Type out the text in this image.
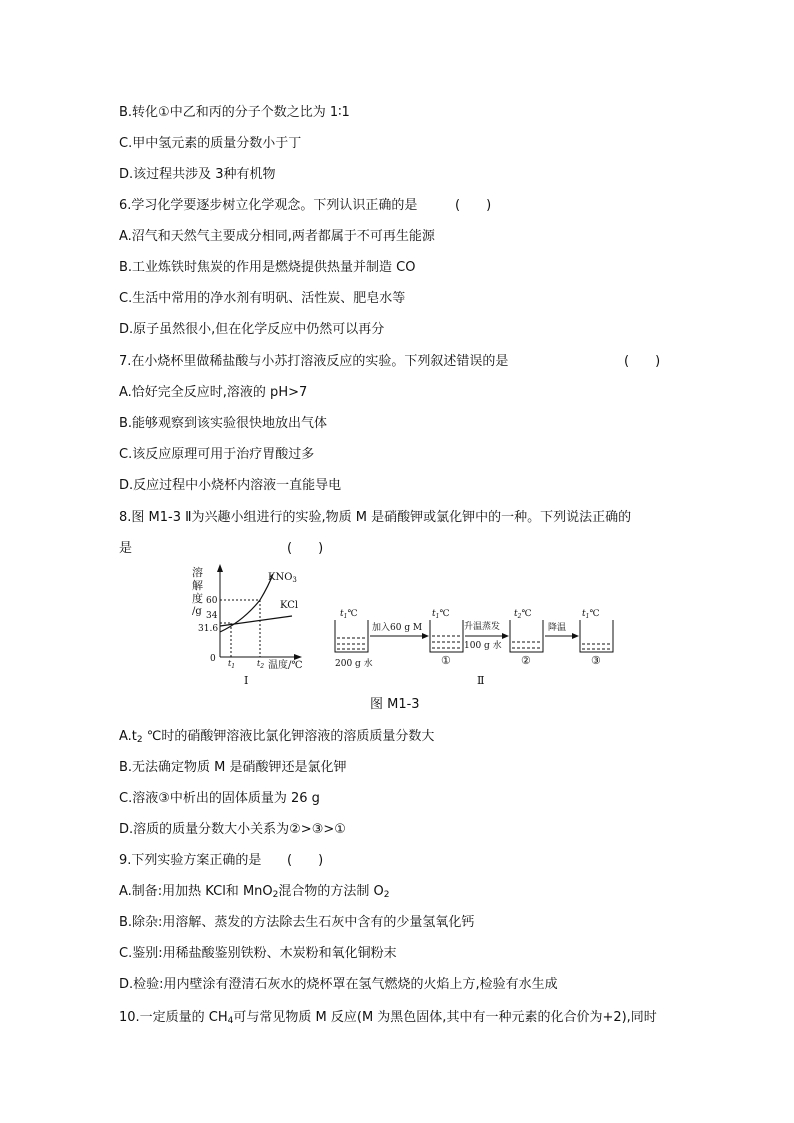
B.转化①中乙和丙的分子个数之比为 1∶1
C.甲中氢元素的质量分数小于丁
D.该过程共涉及 3种有机物
6.学习化学要逐步树立化学观念。下列认识正确的是	(　　)
A.沼气和天然气主要成分相同,两者都属于不可再生能源
B.工业炼铁时焦炭的作用是燃烧提供热量并制造 CO
C.生活中常用的净水剂有明矾、活性炭、肥皂水等
D.原子虽然很小,但在化学反应中仍然可以再分
7.在小烧杯里做稀盐酸与小苏打溶液反应的实验。下列叙述错误的是	(　　)
A.恰好完全反应时,溶液的 pH>7
B.能够观察到该实验很快地放出气体
C.该反应原理可用于治疗胃酸过多
D.反应过程中小烧杯内溶液一直能导电
8.图 M1-3 Ⅱ为兴趣小组进行的实验,物质 M 是硝酸钾或氯化钾中的一种。下列说法正确的
是	(　　)
溶
解
度
/g
60
34
31.6
0
$KNO_3$
KCl
$t_1$	$t_2$ 温度/℃
Ⅰ
$t_1℃$
200 g 水
加入60 g M
$t_1℃$
①
升温蒸发
100 g 水
$t_2℃$
②
降温
$t_1℃$
③
Ⅱ
图 M1-3
$A.t_2$ ℃时的硝酸钾溶液比氯化钾溶液的溶质质量分数大
B.无法确定物质 M 是硝酸钾还是氯化钾
C.溶液③中析出的固体质量为 26 g
D.溶质的质量分数大小关系为②>③>①
9.下列实验方案正确的是 (　　)
A.制备:用加热 KCl和 MnO$_2$混合物的方法制 $O_2$
B.除杂:用溶解、蒸发的方法除去生石灰中含有的少量氢氧化钙
C.鉴别:用稀盐酸鉴别铁粉、木炭粉和氧化铜粉末
D.检验:用内壁涂有澄清石灰水的烧杯罩在氢气燃烧的火焰上方,检验有水生成
10.一定质量的 $CH_4$可与常见物质 M 反应(M 为黑色固体,其中有一种元素的化合价为+2),同时
